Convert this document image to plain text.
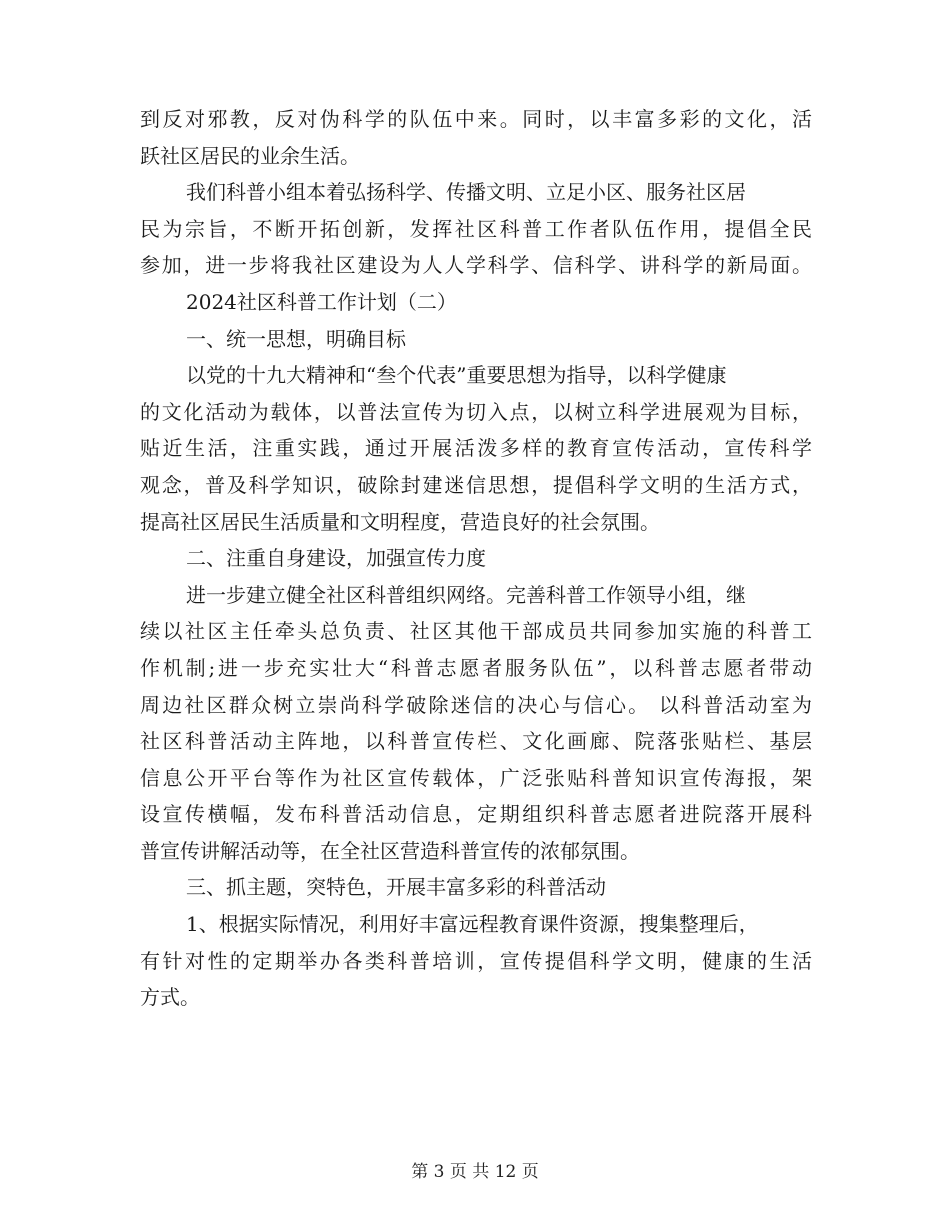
到反对邪教，反对伪科学的队伍中来。同时，以丰富多彩的文化，活
跃社区居民的业余生活。
我们科普小组本着弘扬科学、传播文明、立足小区、服务社区居
民为宗旨，不断开拓创新，发挥社区科普工作者队伍作用，提倡全民
参加，进一步将我社区建设为人人学科学、信科学、讲科学的新局面。
2024社区科普工作计划（二）
一、统一思想，明确目标
以党的十九大精神和“叁个代表”重要思想为指导，以科学健康
的文化活动为载体，以普法宣传为切入点，以树立科学进展观为目标，
贴近生活，注重实践，通过开展活泼多样的教育宣传活动，宣传科学
观念，普及科学知识，破除封建迷信思想，提倡科学文明的生活方式，
提高社区居民生活质量和文明程度，营造良好的社会氛围。
二、注重自身建设，加强宣传力度
进一步建立健全社区科普组织网络。完善科普工作领导小组，继
续以社区主任牵头总负责、社区其他干部成员共同参加实施的科普工
作机制;进一步充实壮大“科普志愿者服务队伍”，以科普志愿者带动
周边社区群众树立崇尚科学破除迷信的决心与信心。 以科普活动室为
社区科普活动主阵地，以科普宣传栏、文化画廊、院落张贴栏、基层
信息公开平台等作为社区宣传载体，广泛张贴科普知识宣传海报，架
设宣传横幅，发布科普活动信息，定期组织科普志愿者进院落开展科
普宣传讲解活动等，在全社区营造科普宣传的浓郁氛围。
三、抓主题，突特色，开展丰富多彩的科普活动
1、根据实际情况，利用好丰富远程教育课件资源，搜集整理后，
有针对性的定期举办各类科普培训，宣传提倡科学文明，健康的生活
方式。
第 3 页 共 12 页
